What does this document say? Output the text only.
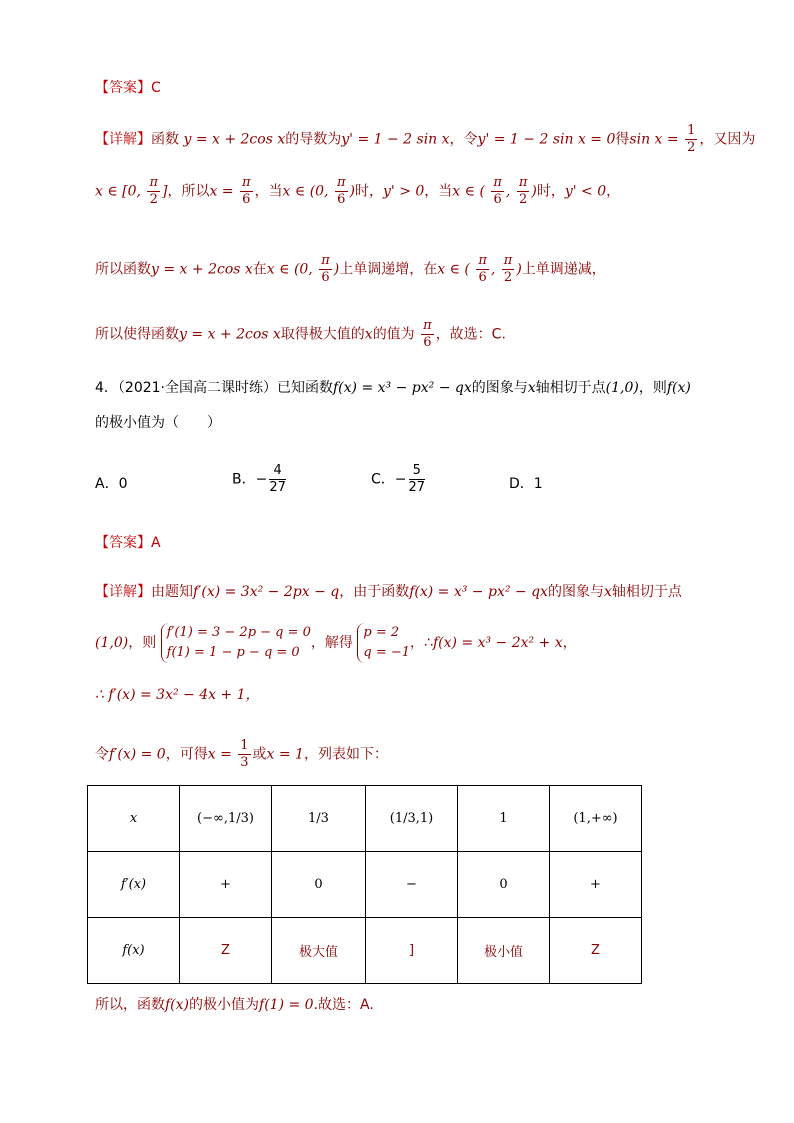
【答案】C
【详解】函数 y = x + 2cos x的导数为y' = 1 − 2 sin x，令y' = 1 − 2 sin x = 0得$\sin x = \frac{1}{2}$ ，又因为
x ∈ [0, $\frac{\pi}{2}$ ]，所以$x = \frac{\pi}{6}$ ，当x ∈ (0, $\frac{\pi}{6}$ )时，y' > 0，当x ∈ ( $\frac{\pi}{6}$ , $\frac{\pi}{2}$ )时，y' < 0，
所以函数y = x + 2cos x在x ∈ (0, $\frac{\pi}{6}$ )上单调递增，在x ∈ ( $\frac{\pi}{6}$ , $\frac{\pi}{2}$ )上单调递减，
所以使得函数y = x + 2cos x取得极大值的x的值为 $\frac{\pi}{6}$ ，故选：C.
4．（2021·全国高二课时练）已知函数f(x) = x³ − px² − qx的图象与x轴相切于点(1,0)，则f(x)
的极小值为（　　）
A．0	B．− $\frac{4}{27}$	C．− $\frac{5}{27}$	D．1
【答案】A
【详解】由题知f′(x) = 3x² − 2px − q，由于函数f(x) = x³ − px² − qx的图象与x轴相切于点
(1,0)，则
f′(1) = 3 − 2p − q = 0
f(1) = 1 − p − q = 0
，解得
p = 2
q = −1
，∴f(x) = x³ − 2x² + x，
∴ f′(x) = 3x² − 4x + 1，
令f′(x) = 0，可得$x = \frac{1}{3}$ 或x = 1，列表如下：
x	(−∞,1/3)	1/3	(1/3,1)	1	(1,+∞)
f′(x)	+	0	−	0	+
f(x)	Z	极大值	]	极小值	Z
所以，函数f(x)的极小值为f(1) = 0.故选：A.
